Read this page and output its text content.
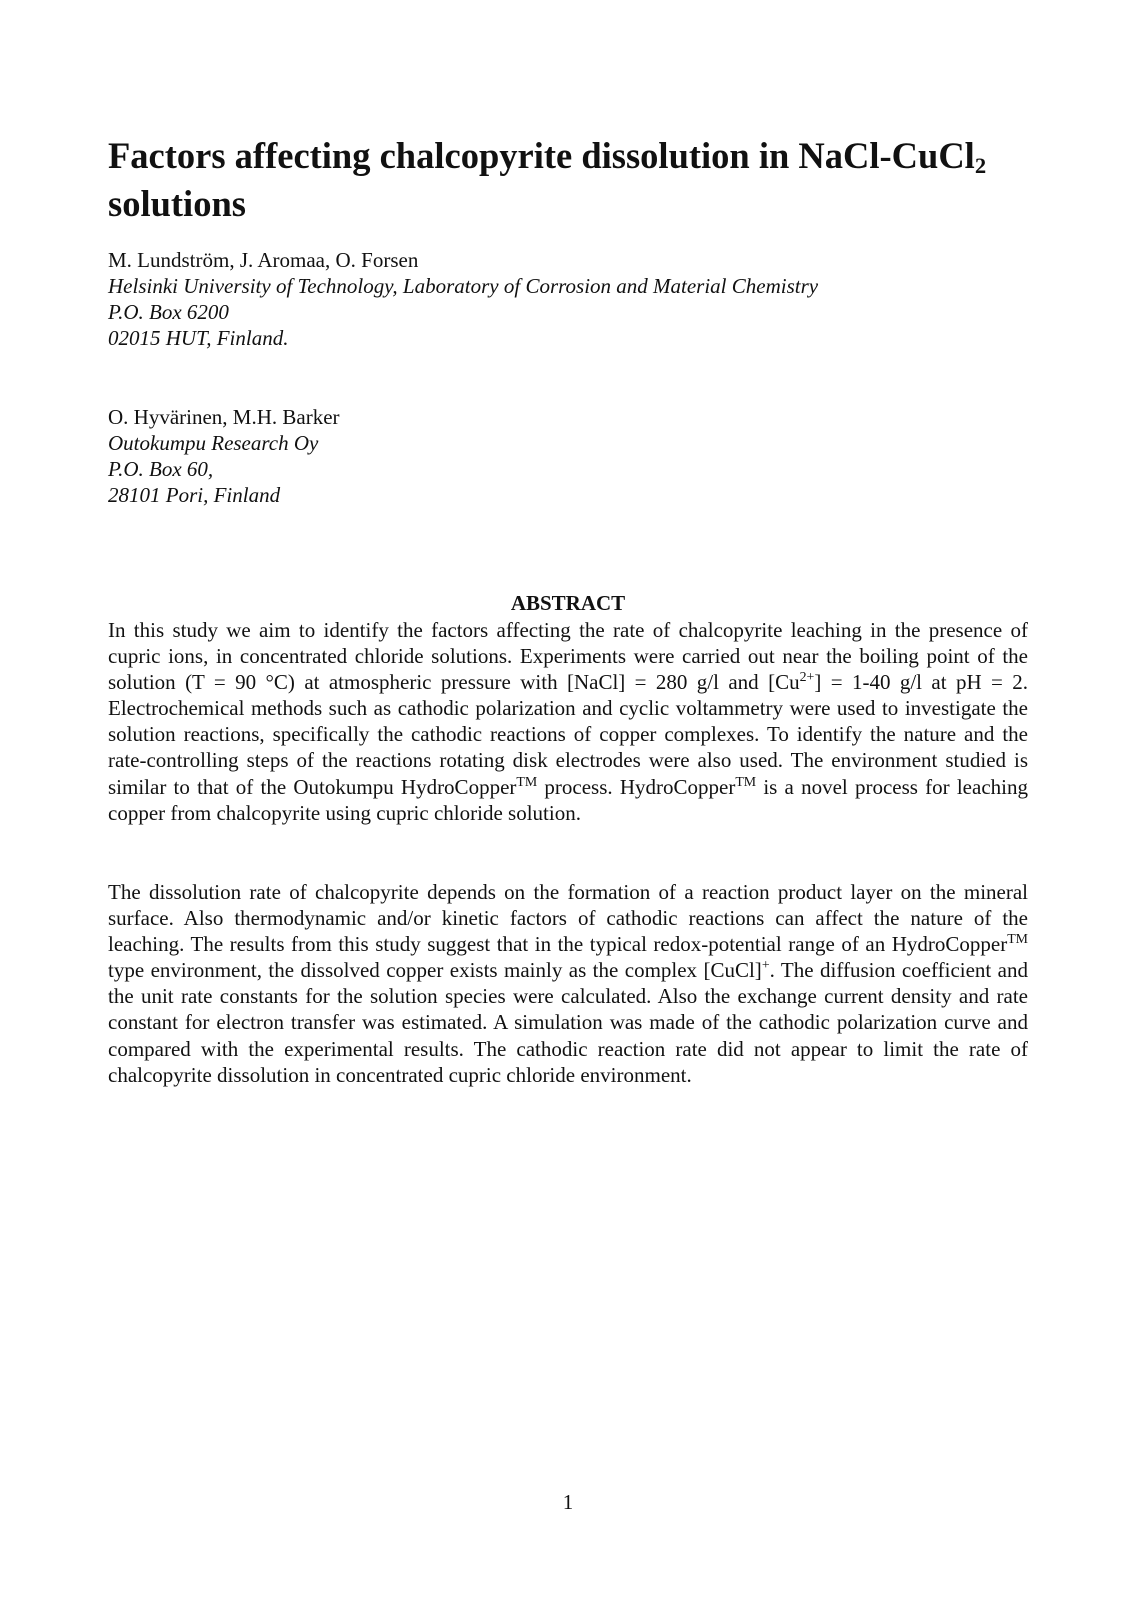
Factors affecting chalcopyrite dissolution in NaCl-CuCl$_2$
solutions
M. Lundström, J. Aromaa, O. Forsen
Helsinki University of Technology, Laboratory of Corrosion and Material Chemistry
P.O. Box 6200
02015 HUT, Finland.
O. Hyvärinen, M.H. Barker
Outokumpu Research Oy
P.O. Box 60,
28101 Pori, Finland
ABSTRACT

In this study we aim to identify the factors affecting the rate of chalcopyrite leaching in the presence of cupric ions, in concentrated chloride solutions. Experiments were carried out near the boiling point of the solution (T = 90 °C) at atmospheric pressure with [NaCl] = 280 g/l and $[Cu^{2+}] = 1-40$ g/l at pH = 2. Electrochemical methods such as cathodic polarization and cyclic voltammetry were used to investigate the solution reactions, specifically the cathodic reactions of copper complexes. To identify the nature and the rate-controlling steps of the reactions rotating disk electrodes were also used. The environment studied is similar to that of the Outokumpu HydroCopper™ process. HydroCopper™ is a novel process for leaching copper from chalcopyrite using cupric chloride solution.

The dissolution rate of chalcopyrite depends on the formation of a reaction product layer on the mineral surface. Also thermodynamic and/or kinetic factors of cathodic reactions can affect the nature of the leaching. The results from this study suggest that in the typical redox-potential range of an HydroCopper™ type environment, the dissolved copper exists mainly as the complex [CuCl]+. The diffusion coefficient and the unit rate constants for the solution species were calculated. Also the exchange current density and rate constant for electron transfer was estimated. A simulation was made of the cathodic polarization curve and compared with the experimental results. The cathodic reaction rate did not appear to limit the rate of chalcopyrite dissolution in concentrated cupric chloride environment.

1
